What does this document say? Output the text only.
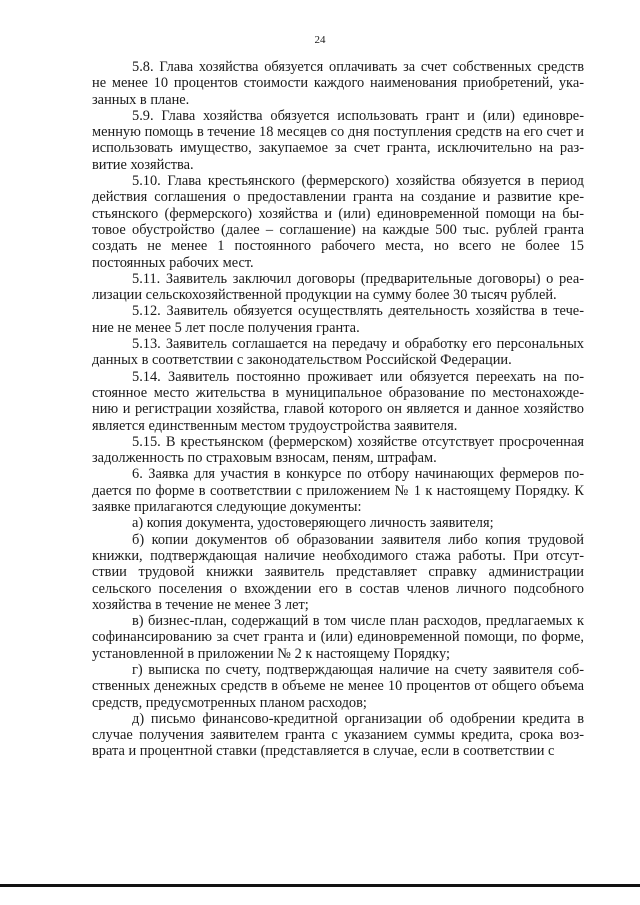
24

5.8. Глава хозяйства обязуется оплачивать за счет собственных средств не менее 10 процентов стоимости каждого наименования приобретений, указанных в плане.

5.9. Глава хозяйства обязуется использовать грант и (или) единовременную помощь в течение 18 месяцев со дня поступления средств на его счет и использовать имущество, закупаемое за счет гранта, исключительно на развитие хозяйства.

5.10. Глава крестьянского (фермерского) хозяйства обязуется в период действия соглашения о предоставлении гранта на создание и развитие крестьянского (фермерского) хозяйства и (или) единовременной помощи на бытовое обустройство (далее – соглашение) на каждые 500 тыс. рублей гранта создать не менее 1 постоянного рабочего места, но всего не более 15 постоянных рабочих мест.

5.11. Заявитель заключил договоры (предварительные договоры) о реализации сельскохозяйственной продукции на сумму более 30 тысяч рублей.

5.12. Заявитель обязуется осуществлять деятельность хозяйства в течение не менее 5 лет после получения гранта.

5.13. Заявитель соглашается на передачу и обработку его персональных данных в соответствии с законодательством Российской Федерации.

5.14. Заявитель постоянно проживает или обязуется переехать на постоянное место жительства в муниципальное образование по местонахождению и регистрации хозяйства, главой которого он является и данное хозяйство является единственным местом трудоустройства заявителя.

5.15. В крестьянском (фермерском) хозяйстве отсутствует просроченная задолженность по страховым взносам, пеням, штрафам.

6. Заявка для участия в конкурсе по отбору начинающих фермеров подается по форме в соответствии с приложением № 1 к настоящему Порядку. К заявке прилагаются следующие документы:

а) копия документа, удостоверяющего личность заявителя;

б) копии документов об образовании заявителя либо копия трудовой книжки, подтверждающая наличие необходимого стажа работы. При отсутствии трудовой книжки заявитель представляет справку администрации сельского поселения о вхождении его в состав членов личного подсобного хозяйства в течение не менее 3 лет;

в) бизнес-план, содержащий в том числе план расходов, предлагаемых к софинансированию за счет гранта и (или) единовременной помощи, по форме, установленной в приложении № 2 к настоящему Порядку;

г) выписка по счету, подтверждающая наличие на счету заявителя собственных денежных средств в объеме не менее 10 процентов от общего объема средств, предусмотренных планом расходов;

д) письмо финансово-кредитной организации об одобрении кредита в случае получения заявителем гранта с указанием суммы кредита, срока возврата и процентной ставки (представляется в случае, если в соответствии с
